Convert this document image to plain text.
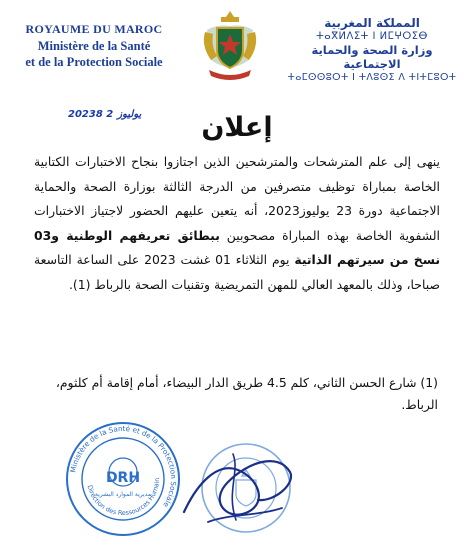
ROYAUME DU MAROC
Ministère de la Santé
et de la Protection Sociale
المملكة المغربية
ⵜⴰⴳⵍⴷⵉⵜ ⵏ ⵍⵎⵖⵔⵉⴱ
وزارة الصحة والحماية الاجتماعية
ⵜⴰⵎⵙⵙⵓⵔⵜ ⵏ ⵜⴷⵓⵙⵉ ⴷ ⵜⵏⵜⵎⵓⵔⵜ
2023 يوليوز2 8	إعلان
ينهى إلى علم المترشحات والمترشحين الذين اجتازوا بنجاح الاختبارات الكتابية الخاصة بمباراة توظيف متصرفين من الدرجة الثالثة بوزارة الصحة والحماية الاجتماعية دورة 23 يوليوز2023، أنه يتعين عليهم الحضور لاجتياز الاختبارات الشفوية الخاصة بهذه المباراة مصحوبين ببطائق تعريفهم الوطنية و03 نسخ من سيرتهم الذاتية يوم الثلاثاء 01 غشت 2023 على الساعة التاسعة صباحا، وذلك بالمعهد العالي للمهن التمريضية وتقنيات الصحة بالرباط (1).
(1) شارع الحسن الثاني، كلم 4.5 طريق الدار البيضاء، أمام إقامة أم كلثوم، الرباط.
Ministère de la Santé et de la Protection Sociale
Direction des Ressources Humain
DRH
مديرية الموارد البشرية
